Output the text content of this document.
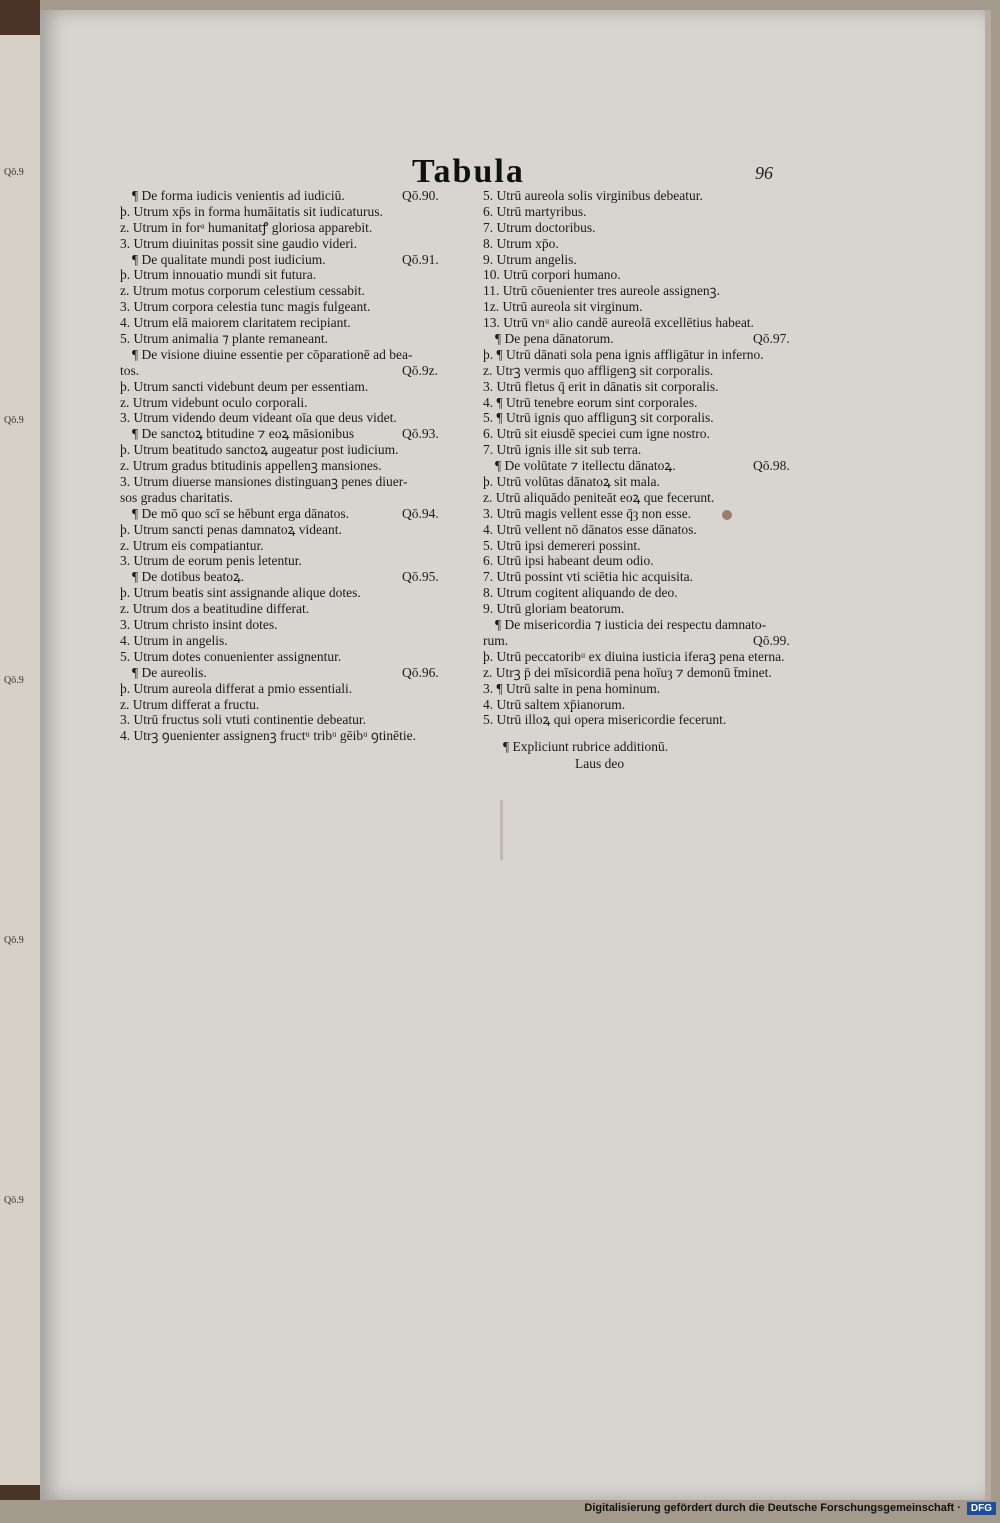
Qō.9
Qō.9
Qō.9
Qō.9
Qō.9
Tabula	96
¶ De forma iudicis venientis ad iudiciū.	Qō.90.
þ. Utrum xp̄s in forma humāitatis sit iudicaturus.
z. Utrum in forᵃ humanitatꝭ gloriosa apparebit.
3. Utrum diuinitas possit sine gaudio videri.
¶ De qualitate mundi post iudicium.	Qō.91.
þ. Utrum innouatio mundi sit futura.
z. Utrum motus corporum celestium cessabit.
3. Utrum corpora celestia tunc magis fulgeant.
4. Utrum elā maiorem claritatem recipiant.
5. Utrum animalia ⁊ plante remaneant.
¶ De visione diuine essentie per cōparationē ad bea-
tos.	Qō.9z.
þ. Utrum sancti videbunt deum per essentiam.
z. Utrum videbunt oculo corporali.
3. Utrum videndo deum videant oīa que deus videt.
¶ De sanctoꝝ btitudine ⁊ eoꝝ māsionibus	Qō.93.
þ. Utrum beatitudo sanctoꝝ augeatur post iudicium.
z. Utrum gradus btitudinis appellenꝫ mansiones.
3. Utrum diuerse mansiones distinguanꝫ penes diuer-
sos gradus charitatis.
¶ De mō quo scī se hēbunt erga dānatos.	Qō.94.
þ. Utrum sancti penas damnatoꝝ videant.
z. Utrum eis compatiantur.
3. Utrum de eorum penis letentur.
¶ De dotibus beatoꝝ.	Qō.95.
þ. Utrum beatis sint assignande alique dotes.
z. Utrum dos a beatitudine differat.
3. Utrum christo insint dotes.
4. Utrum in angelis.
5. Utrum dotes conuenienter assignentur.
¶ De aureolis.	Qō.96.
þ. Utrum aureola differat a pmio essentiali.
z. Utrum differat a fructu.
3. Utrū fructus soli vtuti continentie debeatur.
4. Utrꝫ ꝯuenienter assignenꝫ fructᵘ tribᵘ gēibᵘ ꝯtinētie.
5. Utrū aureola solis virginibus debeatur.
6. Utrū martyribus.
7. Utrum doctoribus.
8. Utrum xp̄o.
9. Utrum angelis.
10. Utrū corpori humano.
11. Utrū cōuenienter tres aureole assignenꝫ.
1z. Utrū aureola sit virginum.
13. Utrū vnᵘ alio candē aureolā excellētius habeat.
¶ De pena dānatorum.	Qō.97.
þ. ¶ Utrū dānati sola pena ignis affligātur in inferno.
z. Utrꝫ vermis quo affligenꝫ sit corporalis.
3. Utrū fletus q̄ erit in dānatis sit corporalis.
4. ¶ Utrū tenebre eorum sint corporales.
5. ¶ Utrū ignis quo affligunꝫ sit corporalis.
6. Utrū sit eiusdē speciei cum igne nostro.
7. Utrū ignis ille sit sub terra.
¶ De volūtate ⁊ itellectu dānatoꝝ.	Qō.98.
þ. Utrū volūtas dānatoꝝ sit mala.
z. Utrū aliquādo peniteāt eoꝝ que fecerunt.
3. Utrū magis vellent esse q̄ȝ non esse.
4. Utrū vellent nō dānatos esse dānatos.
5. Utrū ipsi demereri possint.
6. Utrū ipsi habeant deum odio.
7. Utrū possint vti sciētia hic acquisita.
8. Utrum cogitent aliquando de deo.
9. Utrū gloriam beatorum.
¶ De misericordia ⁊ iusticia dei respectu damnato-
rum.	Qō.99.
þ. Utrū peccatoribᵘ ex diuina iusticia iferaꝫ pena eterna.
z. Utrꝫ p̄ dei mīsicordiā pena hoīuȝ ⁊ demonū t̄minet.
3. ¶ Utrū salte in pena hominum.
4. Utrū saltem xp̄ianorum.
5. Utrū illoꝝ qui opera misericordie fecerunt.
¶ Expliciunt rubrice additionū.
Laus deo
Digitalisierung gefördert durch die Deutsche Forschungsgemeinschaft ·	DFG
